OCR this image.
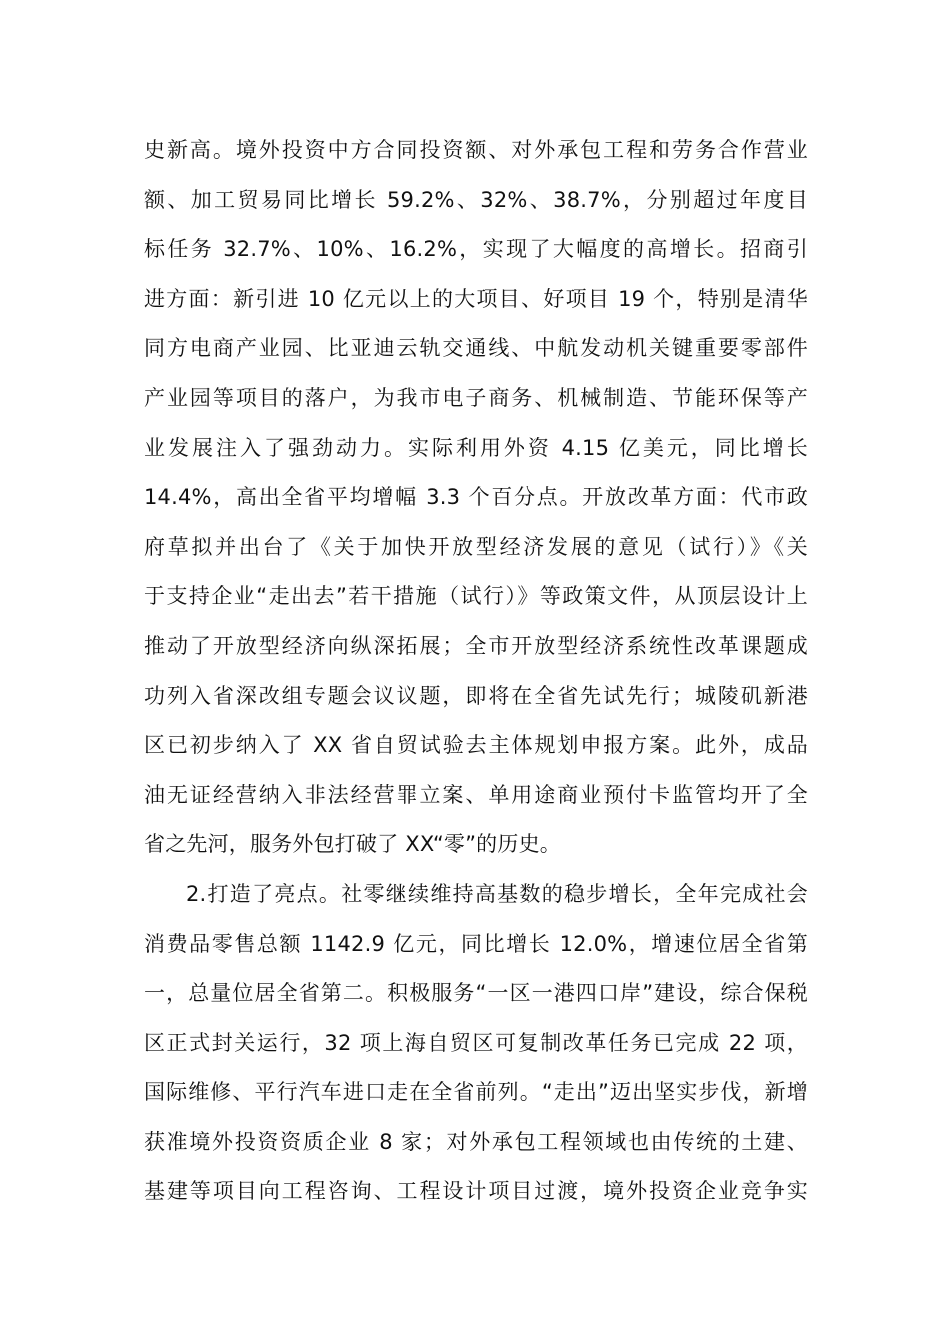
史新高。境外投资中方合同投资额、对外承包工程和劳务合作营业
额、加工贸易同比增长 59.2%、32%、38.7%，分别超过年度目
标任务 32.7%、10%、16.2%，实现了大幅度的高增长。招商引
进方面：新引进 10 亿元以上的大项目、好项目 19 个，特别是清华
同方电商产业园、比亚迪云轨交通线、中航发动机关键重要零部件
产业园等项目的落户，为我市电子商务、机械制造、节能环保等产
业发展注入了强劲动力。实际利用外资 4.15 亿美元，同比增长
14.4%，高出全省平均增幅 3.3 个百分点。开放改革方面：代市政
府草拟并出台了《关于加快开放型经济发展的意见（试行）》《关
于支持企业“走出去”若干措施（试行）》等政策文件，从顶层设计上
推动了开放型经济向纵深拓展；全市开放型经济系统性改革课题成
功列入省深改组专题会议议题，即将在全省先试先行；城陵矶新港
区已初步纳入了 XX 省自贸试验去主体规划申报方案。此外，成品
油无证经营纳入非法经营罪立案、单用途商业预付卡监管均开了全
省之先河，服务外包打破了 XX“零”的历史。
2.打造了亮点。社零继续维持高基数的稳步增长，全年完成社会
消费品零售总额 1142.9 亿元，同比增长 12.0%，增速位居全省第
一，总量位居全省第二。积极服务“一区一港四口岸”建设，综合保税
区正式封关运行，32 项上海自贸区可复制改革任务已完成 22 项，
国际维修、平行汽车进口走在全省前列。“走出”迈出坚实步伐，新增
获准境外投资资质企业 8 家；对外承包工程领域也由传统的土建、
基建等项目向工程咨询、工程设计项目过渡，境外投资企业竞争实
